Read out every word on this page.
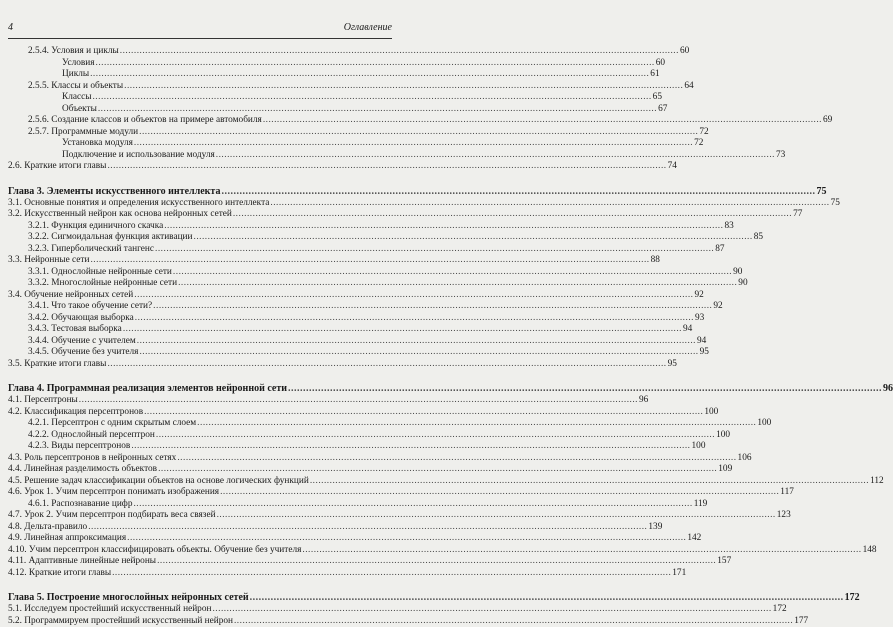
4	Оглавление
2.5.4. Условия и циклы .....	60
Условия .....	60
Циклы .....	61
2.5.5. Классы и объекты .....	64
Классы .....	65
Объекты .....	67
2.5.6. Создание классов и объектов на примере автомобиля .....	69
2.5.7. Программные модули .....	72
Установка модуля .....	72
Подключение и использование модуля .....	73
2.6. Краткие итоги главы .....	74
Глава 3. Элементы искусственного интеллекта .....	75
3.1. Основные понятия и определения искусственного интеллекта .....	75
3.2. Искусственный нейрон как основа нейронных сетей .....	77
3.2.1. Функция единичного скачка .....	83
3.2.2. Сигмоидальная функция активации .....	85
3.2.3. Гиперболический тангенс .....	87
3.3. Нейронные сети .....	88
3.3.1. Однослойные нейронные сети .....	90
3.3.2. Многослойные нейронные сети .....	90
3.4. Обучение нейронных сетей .....	92
3.4.1. Что такое обучение сети? .....	92
3.4.2. Обучающая выборка .....	93
3.4.3. Тестовая выборка .....	94
3.4.4. Обучение с учителем .....	94
3.4.5. Обучение без учителя .....	95
3.5. Краткие итоги главы .....	95
Глава 4. Программная реализация элементов нейронной сети .....	96
4.1. Персептроны .....	96
4.2. Классификация персептронов .....	100
4.2.1. Персептрон с одним скрытым слоем .....	100
4.2.2. Однослойный персептрон .....	100
4.2.3. Виды персептронов .....	100
4.3. Роль персептронов в нейронных сетях .....	106
4.4. Линейная разделимость объектов .....	109
4.5. Решение задач классификации объектов на основе логических функций .....	112
4.6. Урок 1. Учим персептрон понимать изображения .....	117
4.6.1. Распознавание цифр .....	119
4.7. Урок 2. Учим персептрон подбирать веса связей .....	123
4.8. Дельта-правило .....	139
4.9. Линейная аппроксимация .....	142
4.10. Учим персептрон классифицировать объекты. Обучение без учителя .....	148
4.11. Адаптивные линейные нейроны .....	157
4.12. Краткие итоги главы .....	171
Глава 5. Построение многослойных нейронных сетей .....	172
5.1. Исследуем простейший искусственный нейрон .....	172
5.2. Программируем простейший искусственный нейрон .....	177
